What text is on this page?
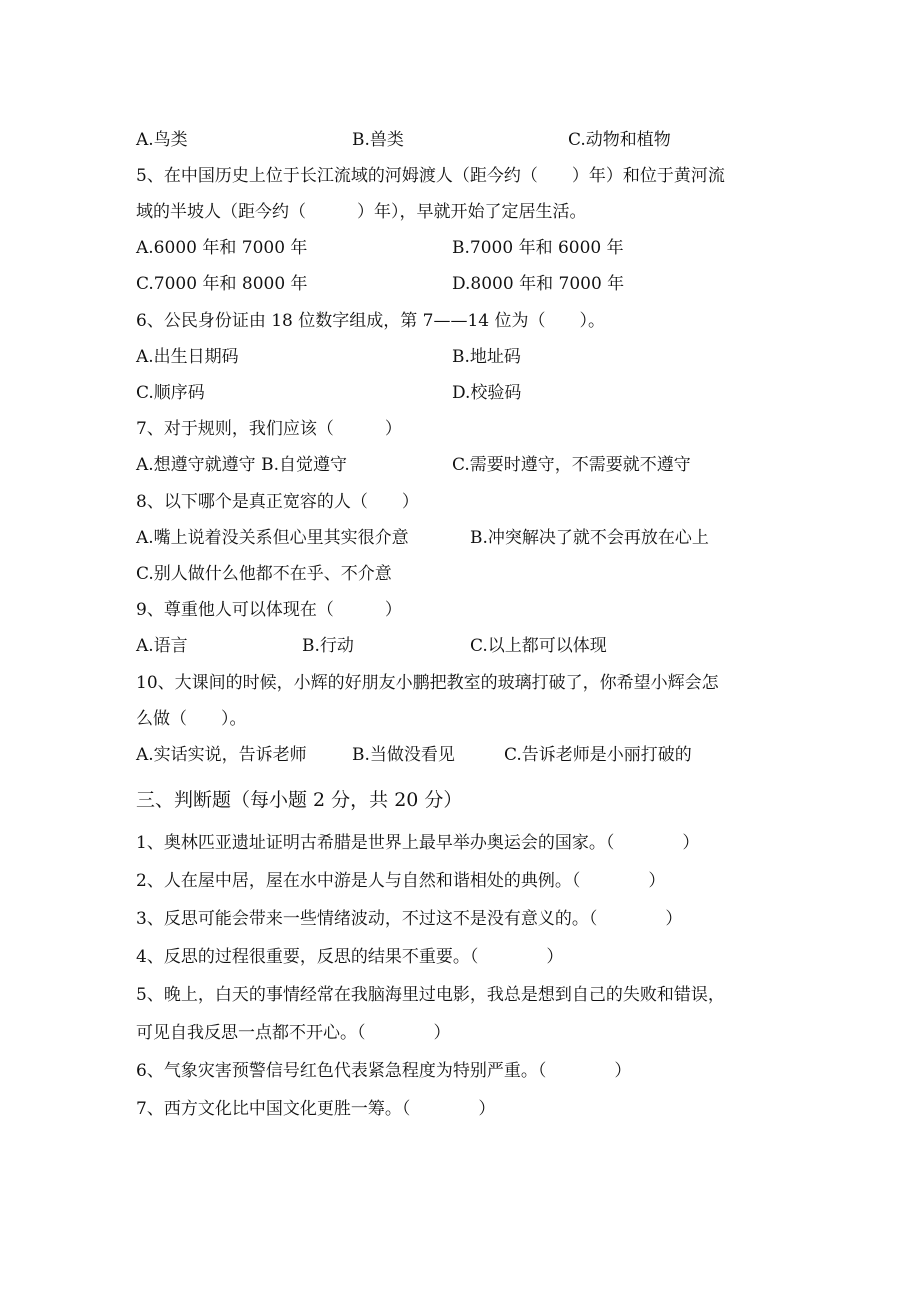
A.鸟类

	B.兽类

	C.动物和植物

5、在中国历史上位于长江流域的河姆渡人（距今约（　　）年）和位于黄河流
域的半坡人（距今约（　　　）年），早就开始了定居生活。

A.6000 年和 7000 年

	B.7000 年和 6000 年

C.7000 年和 8000 年

	D.8000 年和 7000 年

6、公民身份证由 18 位数字组成，第 7——14 位为（　　）。

A.出生日期码

	B.地址码

C.顺序码

	D.校验码

7、对于规则，我们应该（　　　）

A.想遵守就遵守 B.自觉遵守

	C.需要时遵守，不需要就不遵守

8、以下哪个是真正宽容的人（　　）

A.嘴上说着没关系但心里其实很介意

	B.冲突解决了就不会再放在心上

C.别人做什么他都不在乎、不介意
9、尊重他人可以体现在（　　　）

A.语言

	B.行动

	C.以上都可以体现

10、大课间的时候，小辉的好朋友小鹏把教室的玻璃打破了，你希望小辉会怎
么做（　　）。

A.实话实说，告诉老师

	B.当做没看见

	C.告诉老师是小丽打破的

三、判断题（每小题 2 分，共 20 分）
1、奥林匹亚遗址证明古希腊是世界上最早举办奥运会的国家。（　　　　）
2、人在屋中居，屋在水中游是人与自然和谐相处的典例。（　　　　）
3、反思可能会带来一些情绪波动，不过这不是没有意义的。（　　　　）
4、反思的过程很重要，反思的结果不重要。（　　　　）
5、晚上，白天的事情经常在我脑海里过电影，我总是想到自己的失败和错误，
可见自我反思一点都不开心。（　　　　）
6、气象灾害预警信号红色代表紧急程度为特别严重。（　　　　）
7、西方文化比中国文化更胜一筹。（　　　　）
